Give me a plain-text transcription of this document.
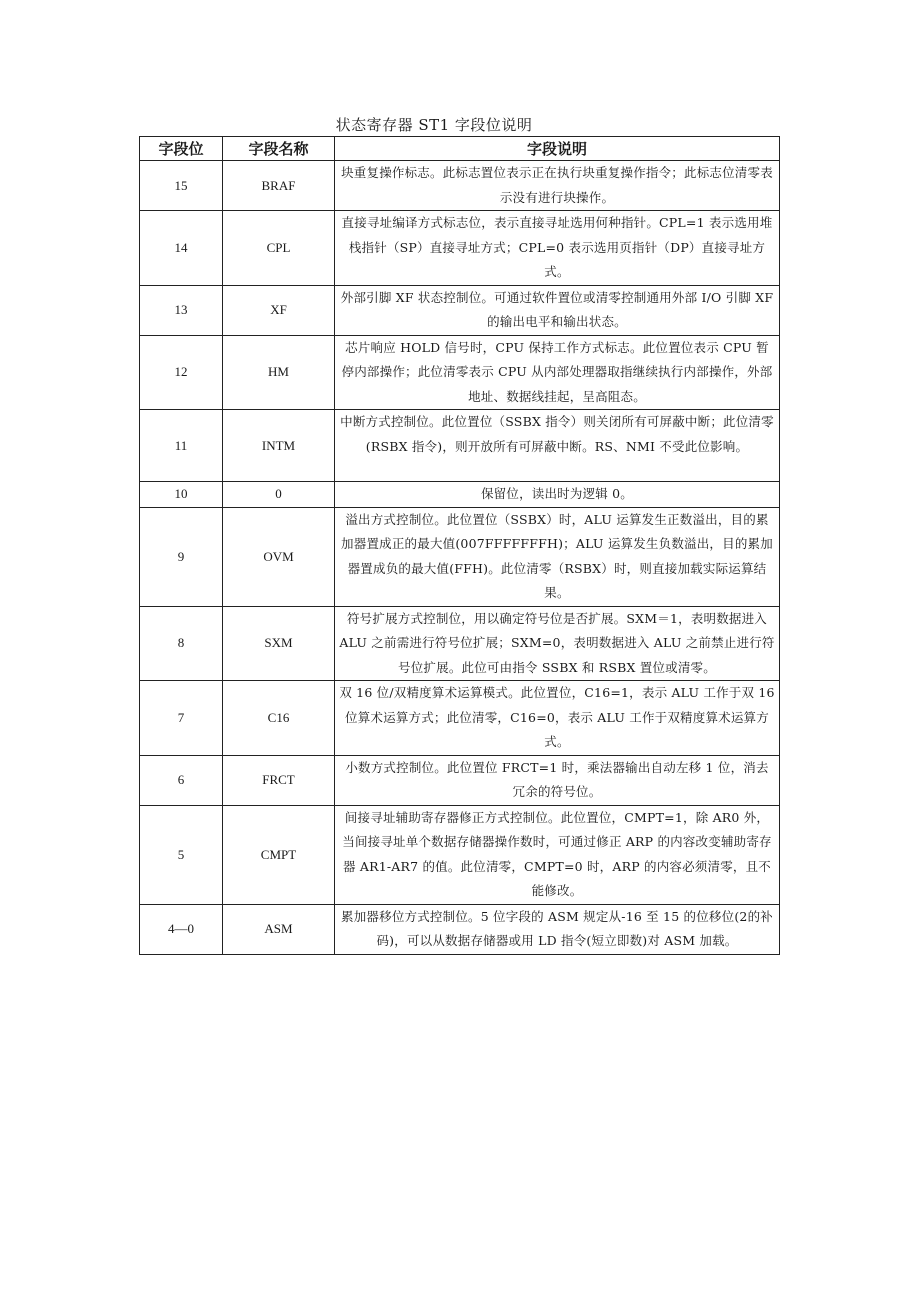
状态寄存器 ST1 字段位说明
字段位	字段名称	字段说明
15	BRAF	块重复操作标志。此标志置位表示正在执行块重复操作指令；此标志位清零表示没有进行块操作。
14	CPL	直接寻址编译方式标志位，表示直接寻址选用何种指针。CPL=1 表示选用堆栈指针（SP）直接寻址方式；CPL=0 表示选用页指针（DP）直接寻址方式。
13	XF	外部引脚 XF 状态控制位。可通过软件置位或清零控制通用外部 I/O 引脚 XF 的输出电平和输出状态。
12	HM	芯片响应 HOLD 信号时，CPU 保持工作方式标志。此位置位表示 CPU 暂停内部操作；此位清零表示 CPU 从内部处理器取指继续执行内部操作，外部地址、数据线挂起，呈高阻态。
11	INTM	中断方式控制位。此位置位（SSBX 指令）则关闭所有可屏蔽中断；此位清零(RSBX 指令)，则开放所有可屏蔽中断。RS、NMI 不受此位影响。
10	0	保留位，读出时为逻辑 0。
9	OVM	溢出方式控制位。此位置位（SSBX）时，ALU 运算发生正数溢出，目的累加器置成正的最大值(007FFFFFFFH)；ALU 运算发生负数溢出，目的累加器置成负的最大值(FFH)。此位清零（RSBX）时，则直接加载实际运算结果。
8	SXM	符号扩展方式控制位，用以确定符号位是否扩展。SXM＝1，表明数据进入 ALU 之前需进行符号位扩展；SXM=0，表明数据进入 ALU 之前禁止进行符号位扩展。此位可由指令 SSBX 和 RSBX 置位或清零。
7	C16	双 16 位/双精度算术运算模式。此位置位，C16=1，表示 ALU 工作于双 16 位算术运算方式；此位清零，C16=0，表示 ALU 工作于双精度算术运算方式。
6	FRCT	小数方式控制位。此位置位 FRCT=1 时，乘法器输出自动左移 1 位，消去冗余的符号位。
5	CMPT	间接寻址辅助寄存器修正方式控制位。此位置位，CMPT=1，除 AR0 外，当间接寻址单个数据存储器操作数时，可通过修正 ARP 的内容改变辅助寄存器 AR1-AR7 的值。此位清零，CMPT=0 时，ARP 的内容必须清零，且不能修改。
4—0	ASM	累加器移位方式控制位。5 位字段的 ASM 规定从-16 至 15 的位移位(2的补码)，可以从数据存储器或用 LD 指令(短立即数)对 ASM 加载。
